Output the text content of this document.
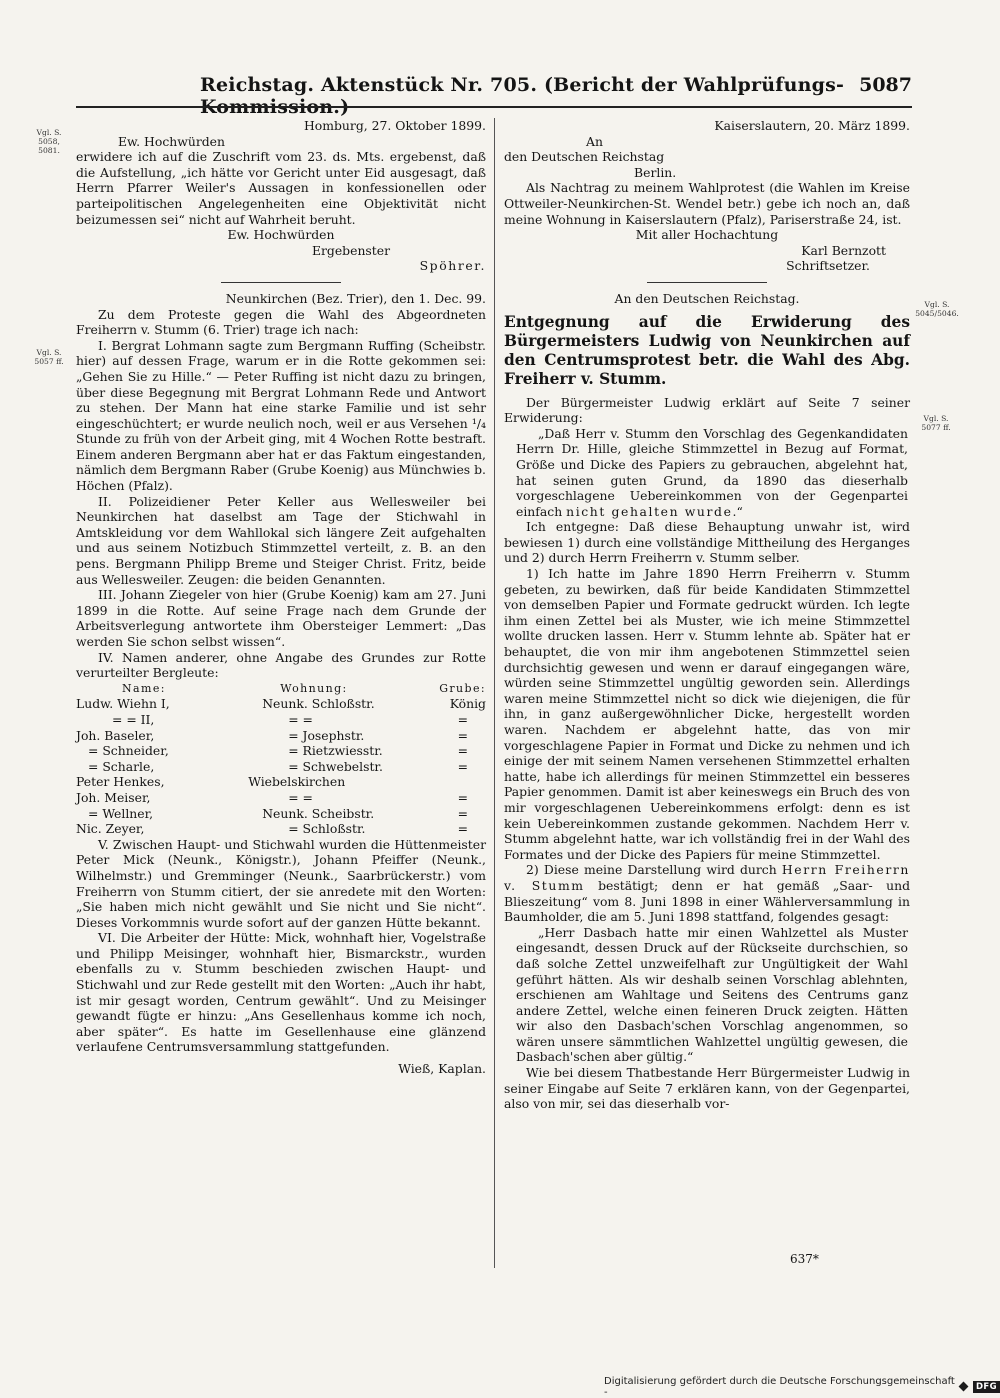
Reichstag. Aktenstück Nr. 705. (Bericht der Wahlprüfungs-Kommission.)
5087
Vgl. S. 5058, 5081.
Vgl. S. 5057 ff.
Vgl. S. 5045/5046.
Vgl. S. 5077 ff.

Homburg, 27. Oktober 1899.

Ew. Hochwürden

erwidere ich auf die Zuschrift vom 23. ds. Mts. ergebenst, daß die Aufstellung, „ich hätte vor Gericht unter Eid ausgesagt, daß Herrn Pfarrer Weiler's Aussagen in konfessionellen oder parteipolitischen Angelegenheiten eine Objektivität nicht beizumessen sei“ nicht auf Wahrheit beruht.

Ew. Hochwürden

Ergebenster

Spöhrer.

Neunkirchen (Bez. Trier), den 1. Dec. 99.

Zu dem Proteste gegen die Wahl des Abgeordneten Freiherrn v. Stumm (6. Trier) trage ich nach:

I. Bergrat Lohmann sagte zum Bergmann Ruffing (Scheibstr. hier) auf dessen Frage, warum er in die Rotte gekommen sei: „Gehen Sie zu Hille.“ — Peter Ruffing ist nicht dazu zu bringen, über diese Begegnung mit Bergrat Lohmann Rede und Antwort zu stehen. Der Mann hat eine starke Familie und ist sehr eingeschüchtert; er wurde neulich noch, weil er aus Versehen ¹/₄ Stunde zu früh von der Arbeit ging, mit 4 Wochen Rotte bestraft. Einem anderen Bergmann aber hat er das Faktum eingestanden, nämlich dem Bergmann Raber (Grube Koenig) aus Münchwies b. Höchen (Pfalz).

II. Polizeidiener Peter Keller aus Wellesweiler bei Neunkirchen hat daselbst am Tage der Stichwahl in Amtskleidung vor dem Wahllokal sich längere Zeit aufgehalten und aus seinem Notizbuch Stimmzettel verteilt, z. B. an den pens. Bergmann Philipp Breme und Steiger Christ. Fritz, beide aus Wellesweiler. Zeugen: die beiden Genannten.

III. Johann Ziegeler von hier (Grube Koenig) kam am 27. Juni 1899 in die Rotte. Auf seine Frage nach dem Grunde der Arbeitsverlegung antwortete ihm Obersteiger Lemmert: „Das werden Sie schon selbst wissen“.

IV. Namen anderer, ohne Angabe des Grundes zur Rotte verurteilter Bergleute:

Name:	Wohnung:	Grube:
Ludw. Wiehn I,	Neunk. Schloßstr.	König
= = II,	= =	=
Joh. Baseler,	= Josephstr.	=
= Schneider,	= Rietzwiesstr.	=
= Scharle,	= Schwebelstr.	=
Peter Henkes,	Wiebelskirchen	
Joh. Meiser,	= =	=
= Wellner,	Neunk. Scheibstr.	=
Nic. Zeyer,	= Schloßstr.	=

V. Zwischen Haupt- und Stichwahl wurden die Hüttenmeister Peter Mick (Neunk., Königstr.), Johann Pfeiffer (Neunk., Wilhelmstr.) und Gremminger (Neunk., Saarbrückerstr.) vom Freiherrn von Stumm citiert, der sie anredete mit den Worten: „Sie haben mich nicht gewählt und Sie nicht und Sie nicht“. Dieses Vorkommnis wurde sofort auf der ganzen Hütte bekannt.

VI. Die Arbeiter der Hütte: Mick, wohnhaft hier, Vogelstraße und Philipp Meisinger, wohnhaft hier, Bismarckstr., wurden ebenfalls zu v. Stumm beschieden zwischen Haupt- und Stichwahl und zur Rede gestellt mit den Worten: „Auch ihr habt, ist mir gesagt worden, Centrum gewählt“. Und zu Meisinger gewandt fügte er hinzu: „Ans Gesellenhaus komme ich noch, aber später“. Es hatte im Gesellenhause eine glänzend verlaufene Centrumsversammlung stattgefunden.

Wieß, Kaplan.

Kaiserslautern, 20. März 1899.

An

den Deutschen Reichstag

Berlin.

Als Nachtrag zu meinem Wahlprotest (die Wahlen im Kreise Ottweiler-Neunkirchen-St. Wendel betr.) gebe ich noch an, daß meine Wohnung in Kaiserslautern (Pfalz), Pariserstraße 24, ist.

Mit aller Hochachtung

Karl Bernzott

Schriftsetzer.

An den Deutschen Reichstag.

Entgegnung auf die Erwiderung des Bürgermeisters Ludwig von Neunkirchen auf den Centrumsprotest betr. die Wahl des Abg. Freiherr v. Stumm.

Der Bürgermeister Ludwig erklärt auf Seite 7 seiner Erwiderung:

„Daß Herr v. Stumm den Vorschlag des Gegenkandidaten Herrn Dr. Hille, gleiche Stimmzettel in Bezug auf Format, Größe und Dicke des Papiers zu gebrauchen, abgelehnt hat, hat seinen guten Grund, da 1890 das dieserhalb vorgeschlagene Uebereinkommen von der Gegenpartei einfach nicht gehalten wurde.“

Ich entgegne: Daß diese Behauptung unwahr ist, wird bewiesen 1) durch eine vollständige Mittheilung des Herganges und 2) durch Herrn Freiherrn v. Stumm selber.

1) Ich hatte im Jahre 1890 Herrn Freiherrn v. Stumm gebeten, zu bewirken, daß für beide Kandidaten Stimmzettel von demselben Papier und Formate gedruckt würden. Ich legte ihm einen Zettel bei als Muster, wie ich meine Stimmzettel wollte drucken lassen. Herr v. Stumm lehnte ab. Später hat er behauptet, die von mir ihm angebotenen Stimmzettel seien durchsichtig gewesen und wenn er darauf eingegangen wäre, würden seine Stimmzettel ungültig geworden sein. Allerdings waren meine Stimmzettel nicht so dick wie diejenigen, die für ihn, in ganz außergewöhnlicher Dicke, hergestellt worden waren. Nachdem er abgelehnt hatte, das von mir vorgeschlagene Papier in Format und Dicke zu nehmen und ich einige der mit seinem Namen versehenen Stimmzettel erhalten hatte, habe ich allerdings für meinen Stimmzettel ein besseres Papier genommen. Damit ist aber keineswegs ein Bruch des von mir vorgeschlagenen Uebereinkommens erfolgt: denn es ist kein Uebereinkommen zustande gekommen. Nachdem Herr v. Stumm abgelehnt hatte, war ich vollständig frei in der Wahl des Formates und der Dicke des Papiers für meine Stimmzettel.

2) Diese meine Darstellung wird durch Herrn Freiherrn v. Stumm bestätigt; denn er hat gemäß „Saar- und Blieszeitung“ vom 8. Juni 1898 in einer Wählerversammlung in Baumholder, die am 5. Juni 1898 stattfand, folgendes gesagt:

„Herr Dasbach hatte mir einen Wahlzettel als Muster eingesandt, dessen Druck auf der Rückseite durchschien, so daß solche Zettel unzweifelhaft zur Ungültigkeit der Wahl geführt hätten. Als wir deshalb seinen Vorschlag ablehnten, erschienen am Wahltage und Seitens des Centrums ganz andere Zettel, welche einen feineren Druck zeigten. Hätten wir also den Dasbach'schen Vorschlag angenommen, so wären unsere sämmtlichen Wahlzettel ungültig gewesen, die Dasbach'schen aber gültig.“

Wie bei diesem Thatbestande Herr Bürgermeister Ludwig in seiner Eingabe auf Seite 7 erklären kann, von der Gegenpartei, also von mir, sei das dieserhalb vor-

637*
Digitalisierung gefördert durch die Deutsche Forschungsgemeinschaft -	DFG
